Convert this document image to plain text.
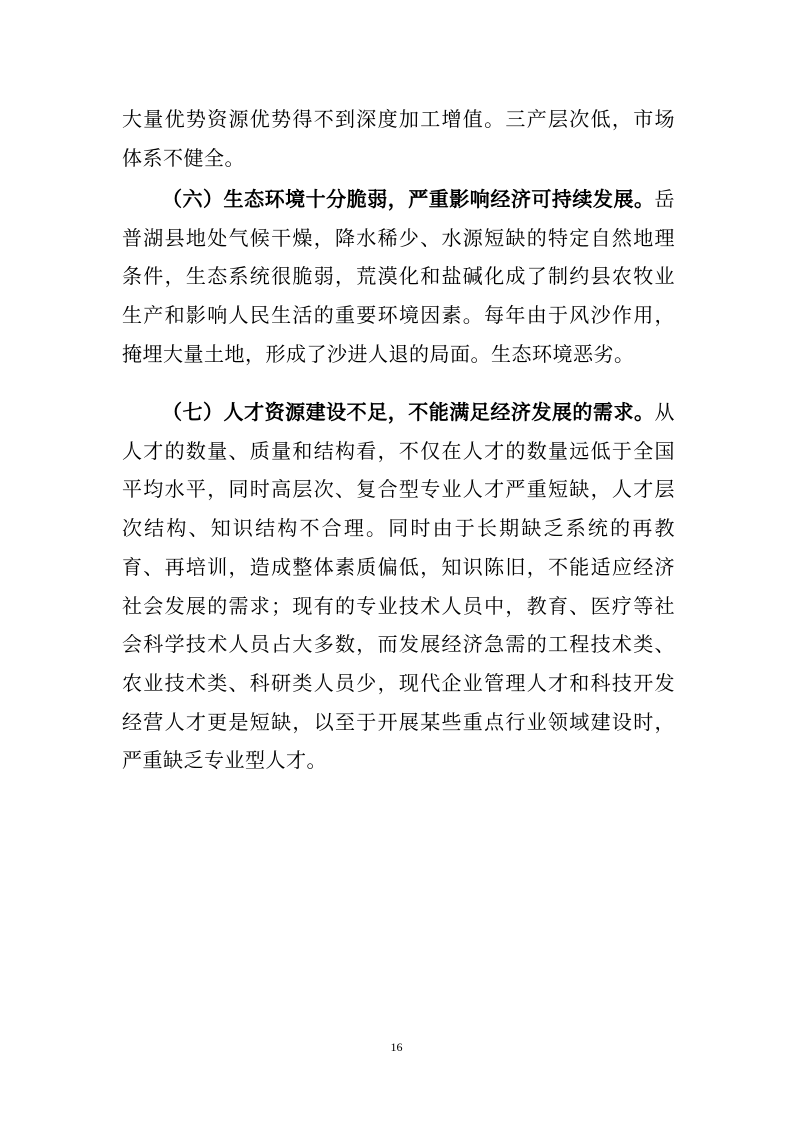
大量优势资源优势得不到深度加工增值。三产层次低，市场体系不健全。

（六）生态环境十分脆弱，严重影响经济可持续发展。岳普湖县地处气候干燥，降水稀少、水源短缺的特定自然地理条件，生态系统很脆弱，荒漠化和盐碱化成了制约县农牧业生产和影响人民生活的重要环境因素。每年由于风沙作用，掩埋大量土地，形成了沙进人退的局面。生态环境恶劣。

（七）人才资源建设不足，不能满足经济发展的需求。从人才的数量、质量和结构看，不仅在人才的数量远低于全国平均水平，同时高层次、复合型专业人才严重短缺，人才层次结构、知识结构不合理。同时由于长期缺乏系统的再教育、再培训，造成整体素质偏低，知识陈旧，不能适应经济社会发展的需求；现有的专业技术人员中，教育、医疗等社会科学技术人员占大多数，而发展经济急需的工程技术类、农业技术类、科研类人员少，现代企业管理人才和科技开发经营人才更是短缺，以至于开展某些重点行业领域建设时，严重缺乏专业型人才。

16
